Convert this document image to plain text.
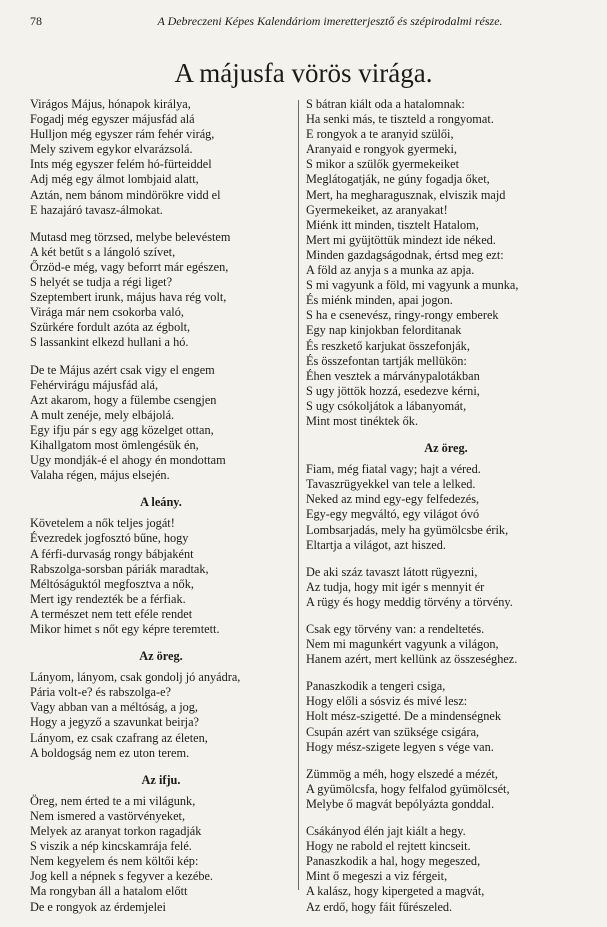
78	A Debreczeni Képes Kalendáriom imeretterjesztő és szépirodalmi része.
A májusfa vörös virága.
Virágos Május, hónapok királya,
Fogadj még egyszer májusfád alá
Hulljon még egyszer rám fehér virág,
Mely szivem egykor elvarázsolá.
Ints még egyszer felém hó-fürteiddel
Adj még egy álmot lombjaid alatt,
Aztán, nem bánom mindörökre vidd el
E hazajáró tavasz-álmokat.
Mutasd meg törzsed, melybe belevéstem
A két betűt s a lángoló szívet,
Őrzöd-e még, vagy beforrt már egészen,
S helyét se tudja a régi liget?
Szeptembert irunk, május hava rég volt,
Virága már nem csokorba való,
Szürkére fordult azóta az égbolt,
S lassankint elkezd hullani a hó.
De te Május azért csak vigy el engem
Fehérvirágu májusfád alá,
Azt akarom, hogy a fülembe csengjen
A mult zenéje, mely elbájolá.
Egy ifju pár s egy agg közelget ottan,
Kihallgatom most ömlengésük én,
Ugy mondják-é el ahogy én mondottam
Valaha régen, május elsején.
A leány.
Követelem a nők teljes jogát!
Évezredek jogfosztó bűne, hogy
A férfi-durvaság rongy bábjaként
Rabszolga-sorsban páriák maradtak,
Méltóságuktól megfosztva a nők,
Mert igy rendezték be a férfiak.
A természet nem tett eféle rendet
Mikor himet s nőt egy képre teremtett.
Az öreg.
Lányom, lányom, csak gondolj jó anyádra,
Pária volt-e? és rabszolga-e?
Vagy abban van a méltóság, a jog,
Hogy a jegyző a szavunkat beirja?
Lányom, ez csak czafrang az életen,
A boldogság nem ez uton terem.
Az ifju.
Öreg, nem érted te a mi világunk,
Nem ismered a vastörvényeket,
Melyek az aranyat torkon ragadják
S viszik a nép kincskamrája felé.
Nem kegyelem és nem költői kép:
Jog kell a népnek s fegyver a kezébe.
Ma rongyban áll a hatalom előtt
De e rongyok az érdemjelei
S bátran kiált oda a hatalomnak:
Ha senki más, te tiszteld a rongyomat.
E rongyok a te aranyid szülői,
Aranyaid e rongyok gyermeki,
S mikor a szülők gyermekeiket
Meglátogatják, ne gúny fogadja őket,
Mert, ha megharagusznak, elviszik majd
Gyermekeiket, az aranyakat!
Miénk itt minden, tisztelt Hatalom,
Mert mi gyüjtöttük mindezt ide néked.
Minden gazdagságodnak, értsd meg ezt:
A föld az anyja s a munka az apja.
S mi vagyunk a föld, mi vagyunk a munka,
És miénk minden, apai jogon.
S ha e csenevész, ringy-rongy emberek
Egy nap kinjokban felorditanak
És reszkető karjukat összefonják,
És összefontan tartják mellükön:
Éhen vesztek a márványpalotákban
S ugy jöttök hozzá, esedezve kérni,
S ugy csókoljátok a lábanyomát,
Mint most tinéktek ők.
Az öreg.
Fiam, még fiatal vagy; hajt a véred.
Tavaszrügyekkel van tele a lelked.
Neked az mind egy-egy felfedezés,
Egy-egy megváltó, egy világot óvó
Lombsarjadás, mely ha gyümölcsbe érik,
Eltartja a világot, azt hiszed.
De aki száz tavaszt látott rügyezni,
Az tudja, hogy mit igér s mennyit ér
A rügy és hogy meddig törvény a törvény.
Csak egy törvény van: a rendeltetés.
Nem mi magunkért vagyunk a világon,
Hanem azért, mert kellünk az összeséghez.
Panaszkodik a tengeri csiga,
Hogy előli a sósviz és mivé lesz:
Holt mész-szigetté. De a mindenségnek
Csupán azért van szüksége csigára,
Hogy mész-szigete legyen s vége van.
Zümmög a méh, hogy elszedé a mézét,
A gyümölcsfa, hogy felfalod gyümölcsét,
Melybe ő magvát bepólyázta gonddal.
Csákányod élén jajt kiált a hegy.
Hogy ne rabold el rejtett kincseit.
Panaszkodik a hal, hogy megeszed,
Mint ő megeszi a viz férgeit,
A kalász, hogy kipergeted a magvát,
Az erdő, hogy fáit fűrészeled.
